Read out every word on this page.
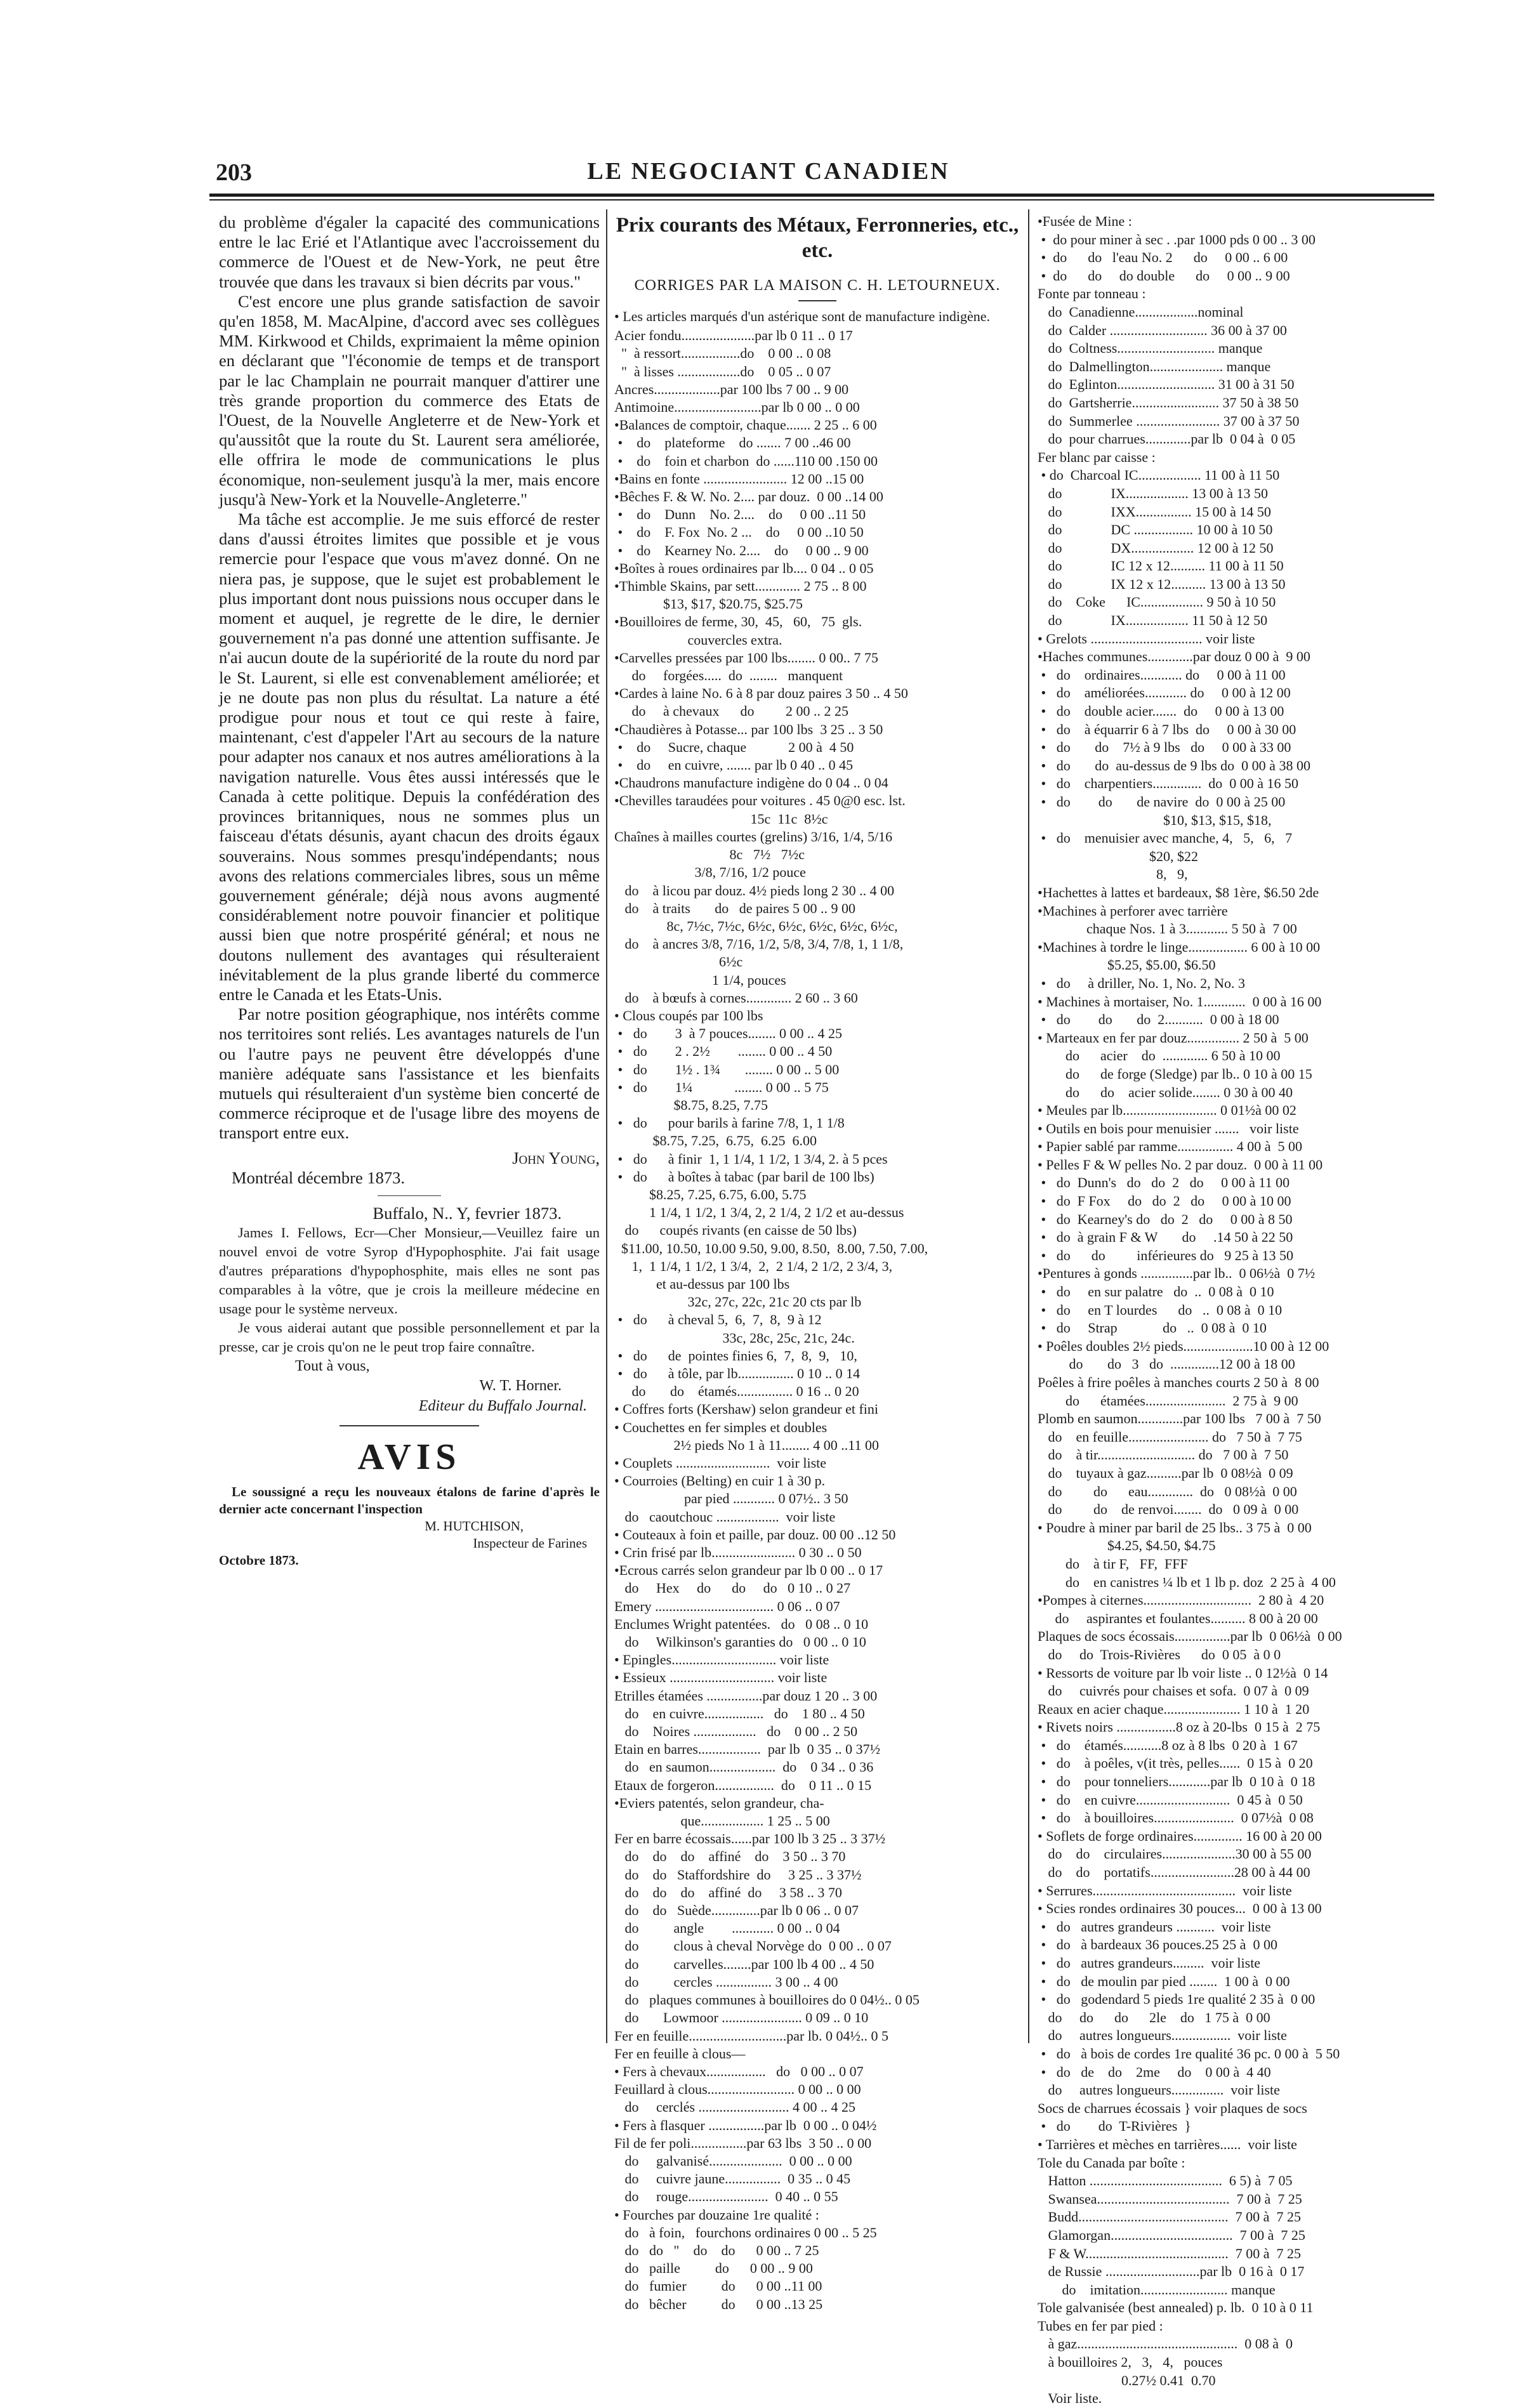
203	LE NEGOCIANT CANADIEN

du problème d'égaler la capacité des communications entre le lac Erié et l'Atlantique avec l'accroissement du commerce de l'Ouest et de New-York, ne peut être trouvée que dans les travaux si bien décrits par vous."

C'est encore une plus grande satisfaction de savoir qu'en 1858, M. MacAlpine, d'accord avec ses collègues MM. Kirkwood et Childs, exprimaient la même opinion en déclarant que "l'économie de temps et de transport par le lac Champlain ne pourrait manquer d'attirer une très grande proportion du commerce des Etats de l'Ouest, de la Nouvelle Angleterre et de New-York et qu'aussitôt que la route du St. Laurent sera améliorée, elle offrira le mode de communications le plus économique, non-seulement jusqu'à la mer, mais encore jusqu'à New-York et la Nouvelle-Angleterre."

Ma tâche est accomplie. Je me suis efforcé de rester dans d'aussi étroites limites que possible et je vous remercie pour l'espace que vous m'avez donné. On ne niera pas, je suppose, que le sujet est probablement le plus important dont nous puissions nous occuper dans le moment et auquel, je regrette de le dire, le dernier gouvernement n'a pas donné une attention suffisante. Je n'ai aucun doute de la supériorité de la route du nord par le St. Laurent, si elle est convenablement améliorée; et je ne doute pas non plus du résultat. La nature a été prodigue pour nous et tout ce qui reste à faire, maintenant, c'est d'appeler l'Art au secours de la nature pour adapter nos canaux et nos autres améliorations à la navigation naturelle. Vous êtes aussi intéressés que le Canada à cette politique. Depuis la confédération des provinces britanniques, nous ne sommes plus un faisceau d'états désunis, ayant chacun des droits égaux souverains. Nous sommes presqu'indépendants; nous avons des relations commerciales libres, sous un même gouvernement générale; déjà nous avons augmenté considérablement notre pouvoir financier et politique aussi bien que notre prospérité général; et nous ne doutons nullement des avantages qui résulteraient inévitablement de la plus grande liberté du commerce entre le Canada et les Etats-Unis.

Par notre position géographique, nos intérêts comme nos territoires sont reliés. Les avantages naturels de l'un ou l'autre pays ne peuvent être développés d'une manière adéquate sans l'assistance et les bienfaits mutuels qui résulteraient d'un système bien concerté de commerce réciproque et de l'usage libre des moyens de transport entre eux.

John Young,

Montréal décembre 1873.

Buffalo, N.. Y, fevrier 1873.

James I. Fellows, Ecr—Cher Monsieur,—Veuillez faire un nouvel envoi de votre Syrop d'Hypophosphite. J'ai fait usage d'autres préparations d'hypophosphite, mais elles ne sont pas comparables à la vôtre, que je crois la meilleure médecine en usage pour le système nerveux.

Je vous aiderai autant que possible personnellement et par la presse, car je crois qu'on ne le peut trop faire connaître.

Tout à vous,

W. T. Horner.

Editeur du Buffalo Journal.

AVIS

Le soussigné a reçu les nouveaux étalons de farine d'après le dernier acte concernant l'inspection

M. HUTCHISON,

Inspecteur de Farines

Octobre 1873.

Prix courants des Métaux, Ferronneries, etc., etc.

CORRIGES PAR LA MAISON C. H. LETOURNEUX.

• Les articles marqués d'un astérique sont de manufacture indigène.

Acier fondu.....................par lb 0 11 .. 0 17
"  à ressort.................do    0 00 .. 0 08
"  à lisses ..................do    0 05 .. 0 07
Ancres...................par 100 lbs 7 00 .. 9 00
Antimoine.........................par lb 0 00 .. 0 00
•Balances de comptoir, chaque....... 2 25 .. 6 00
•    do    plateforme    do ....... 7 00 ..46 00
•    do    foin et charbon  do ......110 00 .150 00
•Bains en fonte ........................ 12 00 ..15 00
•Bêches F. & W. No. 2.... par douz.  0 00 ..14 00
•    do    Dunn    No. 2....    do     0 00 ..11 50
•    do    F. Fox  No. 2 ...    do     0 00 ..10 50
•    do    Kearney No. 2....    do     0 00 .. 9 00
•Boîtes à roues ordinaires par lb.... 0 04 .. 0 05
•Thimble Skains, par sett............. 2 75 .. 8 00
$13, $17, $20.75, $25.75
•Bouilloires de ferme, 30,  45,   60,   75  gls.
couvercles extra.
•Carvelles pressées par 100 lbs........ 0 00.. 7 75
do     forgées.....  do  ........   manquent
•Cardes à laine No. 6 à 8 par douz paires 3 50 .. 4 50
do     à chevaux      do         2 00 .. 2 25
•Chaudières à Potasse... par 100 lbs  3 25 .. 3 50
•    do     Sucre, chaque            2 00 à  4 50
•    do     en cuivre, ....... par lb 0 40 .. 0 45
•Chaudrons manufacture indigène do 0 04 .. 0 04
•Chevilles taraudées pour voitures . 45 0@0 esc. lst.
15c  11c  8½c
Chaînes à mailles courtes (grelins) 3/16, 1/4, 5/16
8c   7½   7½c
3/8, 7/16, 1/2 pouce
do    à licou par douz. 4½ pieds long 2 30 .. 4 00
do    à traits       do   de paires 5 00 .. 9 00
8c, 7½c, 7½c, 6½c, 6½c, 6½c, 6½c, 6½c,
do    à ancres 3/8, 7/16, 1/2, 5/8, 3/4, 7/8, 1, 1 1/8,
6½c
1 1/4, pouces
do    à bœufs à cornes............. 2 60 .. 3 60
• Clous coupés par 100 lbs
•   do        3  à 7 pouces........ 0 00 .. 4 25
•   do        2 . 2½        ........ 0 00 .. 4 50
•   do        1½ . 1¾       ........ 0 00 .. 5 00
•   do        1¼            ........ 0 00 .. 5 75
$8.75, 8.25, 7.75
•   do      pour barils à farine 7/8, 1, 1 1/8
$8.75, 7.25,  6.75,  6.25  6.00
•   do      à finir  1, 1 1/4, 1 1/2, 1 3/4, 2. à 5 pces
•   do      à boîtes à tabac (par baril de 100 lbs)
$8.25, 7.25, 6.75, 6.00, 5.75
1 1/4, 1 1/2, 1 3/4, 2, 2 1/4, 2 1/2 et au-dessus
do      coupés rivants (en caisse de 50 lbs)
$11.00, 10.50, 10.00 9.50, 9.00, 8.50,  8.00, 7.50, 7.00,
1,  1 1/4, 1 1/2, 1 3/4,  2,  2 1/4, 2 1/2, 2 3/4, 3,
et au-dessus par 100 lbs
32c, 27c, 22c, 21c 20 cts par lb
•   do      à cheval 5,  6,  7,  8,  9 à 12
33c, 28c, 25c, 21c, 24c.
•   do      de  pointes finies 6,  7,  8,  9,   10,
•   do      à tôle, par lb................ 0 10 .. 0 14
do       do    étamés................ 0 16 .. 0 20
• Coffres forts (Kershaw) selon grandeur et fini
• Couchettes en fer simples et doubles
2½ pieds No 1 à 11........ 4 00 ..11 00
• Couplets ...........................  voir liste
• Courroies (Belting) en cuir 1 à 30 p.
par pied ............ 0 07½.. 3 50
do   caoutchouc ..................  voir liste
• Couteaux à foin et paille, par douz. 00 00 ..12 50
• Crin frisé par lb........................ 0 30 .. 0 50
•Ecrous carrés selon grandeur par lb 0 00 .. 0 17
do     Hex     do      do     do   0 10 .. 0 27
Emery .................................. 0 06 .. 0 07
Enclumes Wright patentées.   do   0 08 .. 0 10
do     Wilkinson's garanties do   0 00 .. 0 10
• Epingles.............................. voir liste
• Essieux .............................. voir liste
Etrilles étamées ................par douz 1 20 .. 3 00
do    en cuivre.................   do    1 80 .. 4 50
do    Noires ..................   do    0 00 .. 2 50
Etain en barres..................  par lb  0 35 .. 0 37½
do   en saumon...................  do    0 34 .. 0 36
Etaux de forgeron.................  do    0 11 .. 0 15
•Eviers patentés, selon grandeur, cha-
que.................. 1 25 .. 5 00
Fer en barre écossais......par 100 lb 3 25 .. 3 37½
do    do    do    affiné    do    3 50 .. 3 70
do    do   Staffordshire  do     3 25 .. 3 37½
do    do    do    affiné  do     3 58 .. 3 70
do    do   Suède..............par lb 0 06 .. 0 07
do          angle        ............ 0 00 .. 0 04
do          clous à cheval Norvège do  0 00 .. 0 07
do          carvelles........par 100 lb 4 00 .. 4 50
do          cercles ................ 3 00 .. 4 00
do   plaques communes à bouilloires do 0 04½.. 0 05
do       Lowmoor ....................... 0 09 .. 0 10
Fer en feuille............................par lb. 0 04½.. 0 5
Fer en feuille à clous—
• Fers à chevaux.................   do   0 00 .. 0 07
Feuillard à clous......................... 0 00 .. 0 00
do     cerclés .......................... 4 00 .. 4 25
• Fers à flasquer ................par lb  0 00 .. 0 04½
Fil de fer poli................par 63 lbs  3 50 .. 0 00
do     galvanisé.....................  0 00 .. 0 00
do     cuivre jaune................  0 35 .. 0 45
do     rouge.......................  0 40 .. 0 55
• Fourches par douzaine 1re qualité :
do   à foin,   fourchons ordinaires 0 00 .. 5 25
do   do   "    do    do      0 00 .. 7 25
do   paille          do      0 00 .. 9 00
do   fumier          do      0 00 ..11 00
do   bêcher          do      0 00 ..13 25
•Fusée de Mine :
•  do pour miner à sec . .par 1000 pds 0 00 .. 3 00
•  do      do   l'eau No. 2      do     0 00 .. 6 00
•  do      do     do double      do     0 00 .. 9 00
Fonte par tonneau :
do  Canadienne..................nominal
do  Calder ............................ 36 00 à 37 00
do  Coltness............................ manque
do  Dalmellington..................... manque
do  Eglinton............................ 31 00 à 31 50
do  Gartsherrie......................... 37 50 à 38 50
do  Summerlee ........................ 37 00 à 37 50
do  pour charrues.............par lb  0 04 à  0 05
Fer blanc par caisse :
• do  Charcoal IC.................. 11 00 à 11 50
do              IX.................. 13 00 à 13 50
do              IXX................ 15 00 à 14 50
do              DC ................. 10 00 à 10 50
do              DX.................. 12 00 à 12 50
do              IC 12 x 12.......... 11 00 à 11 50
do              IX 12 x 12.......... 13 00 à 13 50
do    Coke      IC.................. 9 50 à 10 50
do              IX.................. 11 50 à 12 50
• Grelots ................................ voir liste
•Haches communes.............par douz 0 00 à  9 00
•   do    ordinaires............ do     0 00 à 11 00
•   do    améliorées............ do     0 00 à 12 00
•   do    double acier.......  do     0 00 à 13 00
•   do    à équarrir 6 à 7 lbs  do     0 00 à 30 00
•   do       do    7½ à 9 lbs   do     0 00 à 33 00
•   do       do  au-dessus de 9 lbs do  0 00 à 38 00
•   do    charpentiers..............  do  0 00 à 16 50
•   do        do       de navire  do  0 00 à 25 00
$10, $13, $15, $18,
•   do    menuisier avec manche, 4,   5,   6,   7
$20, $22
8,   9,
•Hachettes à lattes et bardeaux, $8 1ère, $6.50 2de
•Machines à perforer avec tarrière
chaque Nos. 1 à 3............ 5 50 à  7 00
•Machines à tordre le linge................. 6 00 à 10 00
$5.25, $5.00, $6.50
•   do     à driller, No. 1, No. 2, No. 3
• Machines à mortaiser, No. 1............  0 00 à 16 00
•   do        do       do  2...........  0 00 à 18 00
• Marteaux en fer par douz............... 2 50 à  5 00
do      acier    do  ............. 6 50 à 10 00
do      de forge (Sledge) par lb.. 0 10 à 00 15
do      do    acier solide........ 0 30 à 00 40
• Meules par lb........................... 0 01½à 00 02
• Outils en bois pour menuisier .......   voir liste
• Papier sablé par ramme................ 4 00 à  5 00
• Pelles F & W pelles No. 2 par douz.  0 00 à 11 00
•   do  Dunn's   do   do  2   do     0 00 à 11 00
•   do  F Fox     do   do  2   do     0 00 à 10 00
•   do  Kearney's do   do  2   do     0 00 à 8 50
•   do  à grain F & W       do     .14 50 à 22 50
•   do      do         inférieures do   9 25 à 13 50
•Pentures à gonds ...............par lb..  0 06½à  0 7½
•   do     en sur palatre   do  ..  0 08 à  0 10
•   do     en T lourdes      do   ..  0 08 à  0 10
•   do     Strap             do   ..  0 08 à  0 10
• Poêles doubles 2½ pieds....................10 00 à 12 00
do       do   3   do  ..............12 00 à 18 00
Poêles à frire poêles à manches courts 2 50 à  8 00
do      étamées.......................  2 75 à  9 00
Plomb en saumon.............par 100 lbs   7 00 à  7 50
do    en feuille....................... do   7 50 à  7 75
do    à tir............................ do   7 00 à  7 50
do    tuyaux à gaz..........par lb  0 08½à  0 09
do         do      eau.............  do   0 08½à  0 00
do         do    de renvoi........  do   0 09 à  0 00
• Poudre à miner par baril de 25 lbs.. 3 75 à  0 00
$4.25, $4.50, $4.75
do    à tir F,   FF,  FFF
do    en canistres ¼ lb et 1 lb p. doz  2 25 à  4 00
•Pompes à citernes...............................  2 80 à  4 20
do     aspirantes et foulantes.......... 8 00 à 20 00
Plaques de socs écossais................par lb  0 06½à  0 00
do     do  Trois-Rivières      do  0 05  à 0 0
• Ressorts de voiture par lb voir liste .. 0 12½à  0 14
do     cuivrés pour chaises et sofa.  0 07 à  0 09
Reaux en acier chaque...................... 1 10 à  1 20
• Rivets noirs .................8 oz à 20-lbs  0 15 à  2 75
•   do    étamés...........8 oz à 8 lbs  0 20 à  1 67
•   do    à poêles, v(it très, pelles......  0 15 à  0 20
•   do    pour tonneliers............par lb  0 10 à  0 18
•   do    en cuivre...........................  0 45 à  0 50
•   do    à bouilloires.......................  0 07½à  0 08
• Soflets de forge ordinaires.............. 16 00 à 20 00
do    do    circulaires.....................30 00 à 55 00
do    do    portatifs........................28 00 à 44 00
• Serrures.........................................  voir liste
• Scies rondes ordinaires 30 pouces...  0 00 à 13 00
•   do   autres grandeurs ...........  voir liste
•   do   à bardeaux 36 pouces.25 25 à  0 00
•   do   autres grandeurs.........  voir liste
•   do   de moulin par pied ........  1 00 à  0 00
•   do   godendard 5 pieds 1re qualité 2 35 à  0 00
do     do      do      2le    do   1 75 à  0 00
do     autres longueurs.................  voir liste
•   do   à bois de cordes 1re qualité 36 pc. 0 00 à  5 50
•   do   de    do    2me     do    0 00 à  4 40
do     autres longueurs...............  voir liste
Socs de charrues écossais } voir plaques de socs
•   do        do  T-Rivières  }
• Tarrières et mèches en tarrières......  voir liste
Tole du Canada par boîte :
Hatton ......................................  6 5) à  7 05
Swansea......................................  7 00 à  7 25
Budd...........................................  7 00 à  7 25
Glamorgan...................................  7 00 à  7 25
F & W.........................................  7 00 à  7 25
de Russie ...........................par lb  0 16 à  0 17
do    imitation......................... manque
Tole galvanisée (best annealed) p. lb.  0 10 à 0 11
Tubes en fer par pied :
à gaz..............................................  0 08 à  0
à bouilloires 2,   3,   4,   pouces
0.27½ 0.41  0.70
Voir liste.
